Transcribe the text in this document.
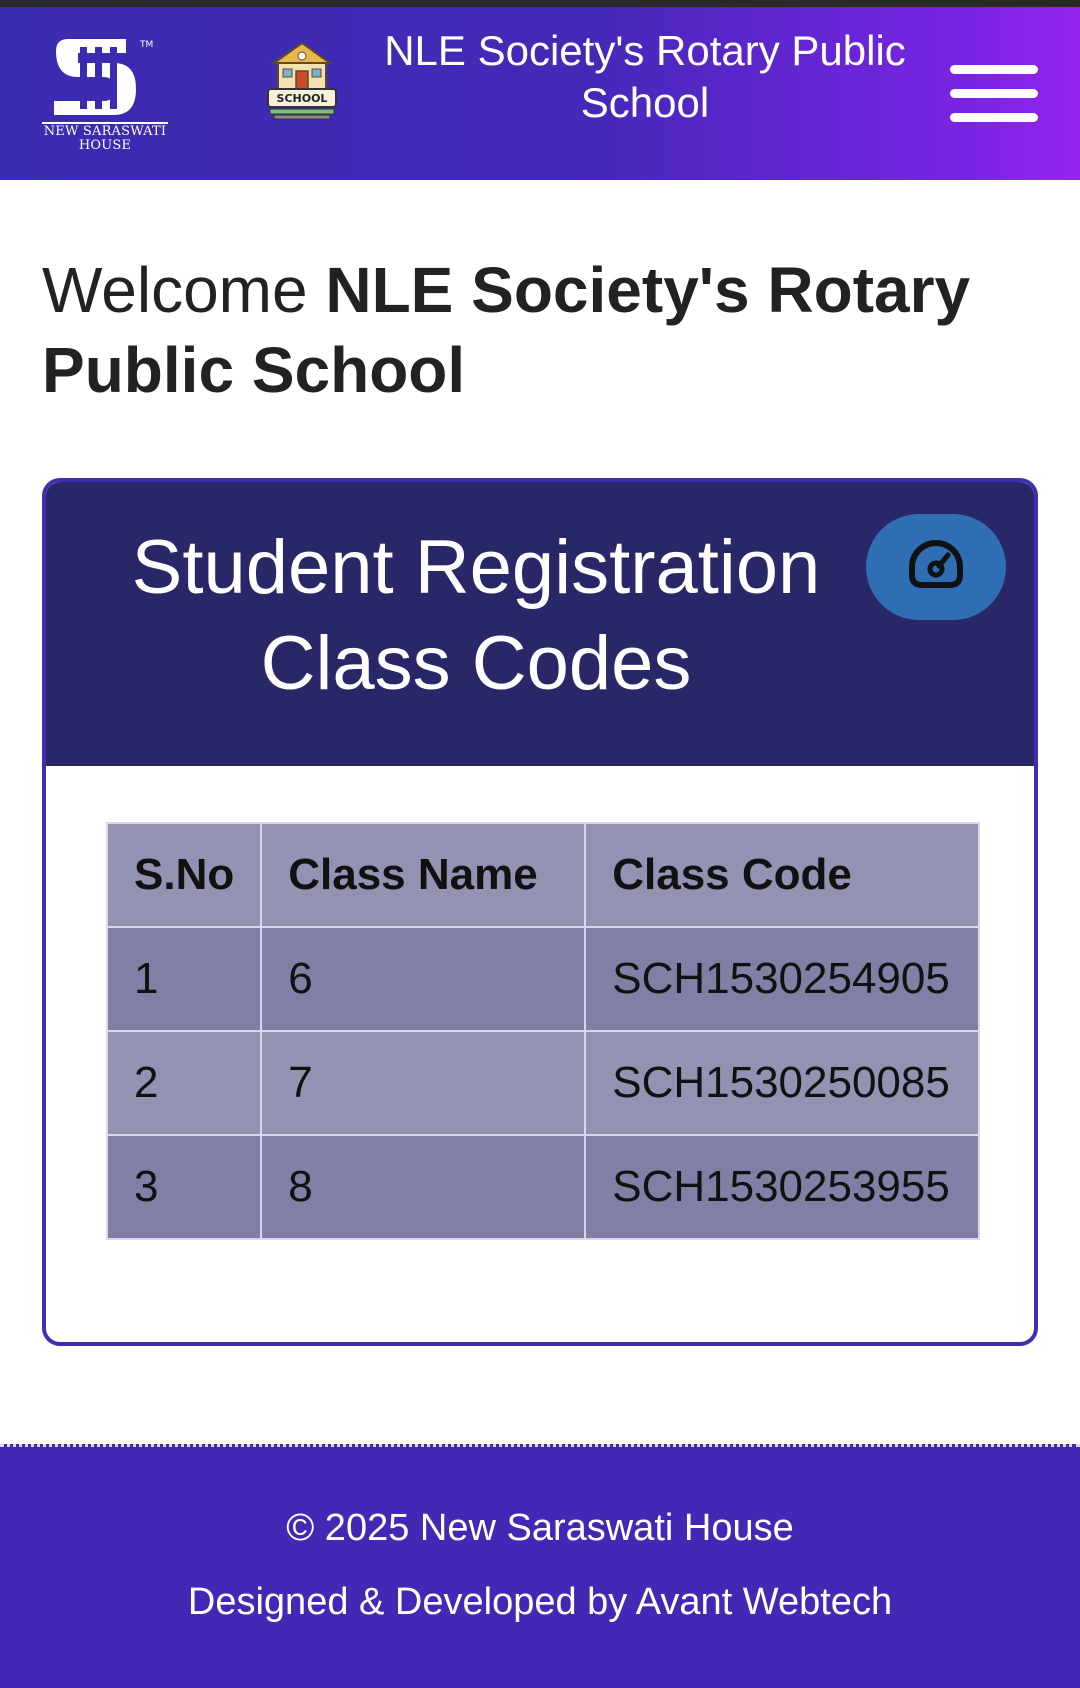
TM
NEW SARASWATI
HOUSE
SCHOOL
NLE Society's Rotary Public
School
Welcome NLE Society's Rotary Public School
Student Registration
Class Codes
S.No	Class Name	Class Code
1	6	SCH1530254905
2	7	SCH1530250085
3	8	SCH1530253955
© 2025 New Saraswati House
Designed & Developed by Avant Webtech
